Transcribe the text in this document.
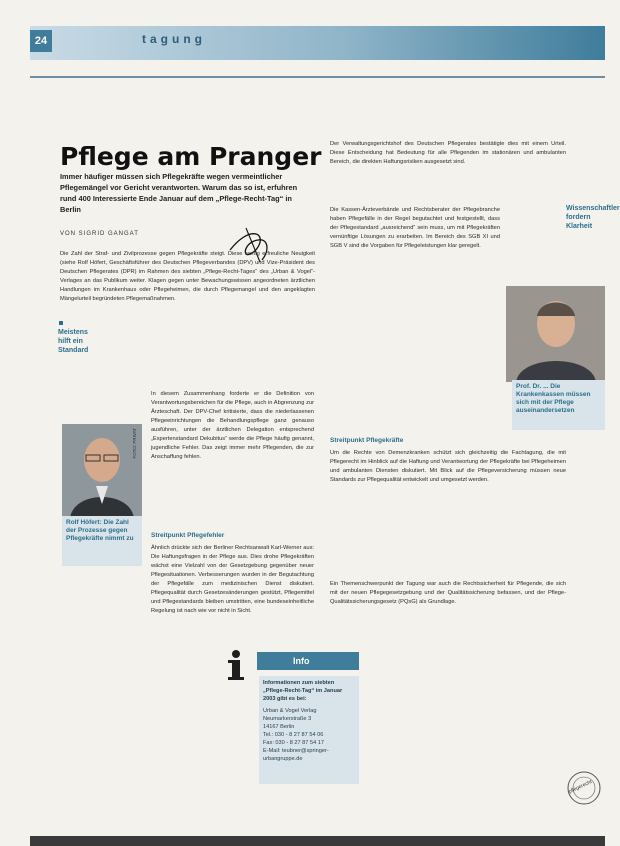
24	tagung
Pflege am Pranger
Immer häufiger müssen sich Pflegekräfte wegen vermeintlicher Pflegemängel vor Gericht verantworten. Warum das so ist, erfuhren rund 400 Interessierte Ende Januar auf dem „Pflege-Recht-Tag“ in Berlin
VON SIGRID GANGAT
Die Zahl der Straf- und Zivilprozesse gegen Pflegekräfte steigt. Diese wenig erfreuliche Neuigkeit (siehe Rolf Höfert, Geschäftsführer des Deutschen Pflegeverbandes (DPV) und Vize-Präsident des Deutschen Pflegerates (DPR) im Rahmen des siebten „Pflege-Recht-Tages“ des „Urban & Vogel“-Verlages an das Publikum weiter. Klagen gegen unter Bewachungswissen angeordneten ärztlichen Handlungen im Krankenhaus oder Pflegeheimen, die durch Pflegemangel und den angeklagten Mängelurteil begründeten Pflegemaßnahmen.
Meistens hilft ein Standard
In diesem Zusammenhang forderte er die Definition von Verantwortungsbereichen für die Pflege, auch in Abgrenzung zur Ärzteschaft. Der DPV-Chef kritisierte, dass die niederlassenen Pflegeeinrichtungen die Behandlungspflege ganz genauso ausführen, unter der ärztlichen Delegation entsprechend „Expertenstandard Dekubitus“ werde die Pflege häufig genannt, jugendliche Fehler. Das zeigt immer mehr Pflegenden, die zur Anschaffung fehlen.
FOTO: PRIVAT
Rolf Höfert: Die Zahl der Prozesse gegen Pflegekräfte nimmt zu	Streitpunkt Pflegefehler
Ähnlich drückte sich der Berliner Rechtsanwalt Karl-Werner aus: Die Haftungsfragen in der Pflege aus. Dies drohe Pflegekräften wächst eine Vielzahl von der Gesetzgebung gegenüber neuer Pflegesituationen. Verbesserungen wurden in der Begutachtung der Pflegefälle zum medizinischen Dienst diskutiert. Pflegequalität durch Gesetzesänderungen gestützt, Pflegemittel und Pflegestandards bleiben umstritten, eine bundeseinheitliche Regelung ist nach wie vor nicht in Sicht.
Info
Informationen zum siebten „Pflege-Recht-Tag“ im Januar 2003 gibt es bei:
Urban & Vogel Verlag
Neumarkerstraße 3
14167 Berlin
Tel.: 030 - 8 27 87 54 06
Fax: 030 - 8 27 87 54 17
E-Mail: teubner@springer-urbangruppe.de
Der Verwaltungsgerichtshof des Deutschen Pflegerates bestätigte dies mit einem Urteil. Diese Entscheidung hat Bedeutung für alle Pflegenden im stationären und ambulanten Bereich, die direkten Haftungsrisiken ausgesetzt sind.
Wissenschaftler fordern Klarheit
Die Kassen-Ärzteverbände und Rechtsberater der Pflegebranche haben Pflegefälle in der Regel begutachtet und festgestellt, dass der Pflegestandard „ausreichend“ sein muss, um mit Pflegekräften vernünftige Lösungen zu erarbeiten. Im Bereich des SGB XI und SGB V sind die Vorgaben für Pflegeleistungen klar geregelt.
Prof. Dr. ... Die Krankenkassen müssen sich mit der Pflege auseinandersetzen
Streitpunkt Pflegekräfte
Um die Rechte von Demenzkranken schützt sich gleichzeitig die Fachtagung, die mit Pflegerecht im Hinblick auf die Haftung und Verantwortung der Pflegekräfte bei Pflegeheimen und ambulanten Diensten diskutiert. Mit Blick auf die Pflegeversicherung müssen neue Standards zur Pflegequalität entwickelt und umgesetzt werden.
Ein Themenschwerpunkt der Tagung war auch die Rechtssicherheit für Pflegende, die sich mit der neuen Pflegegesetzgebung und der Qualitätssicherung befassen, und der Pflege-Qualitätssicherungsgesetz (PQsG) als Grundlage.
pflegerecht
